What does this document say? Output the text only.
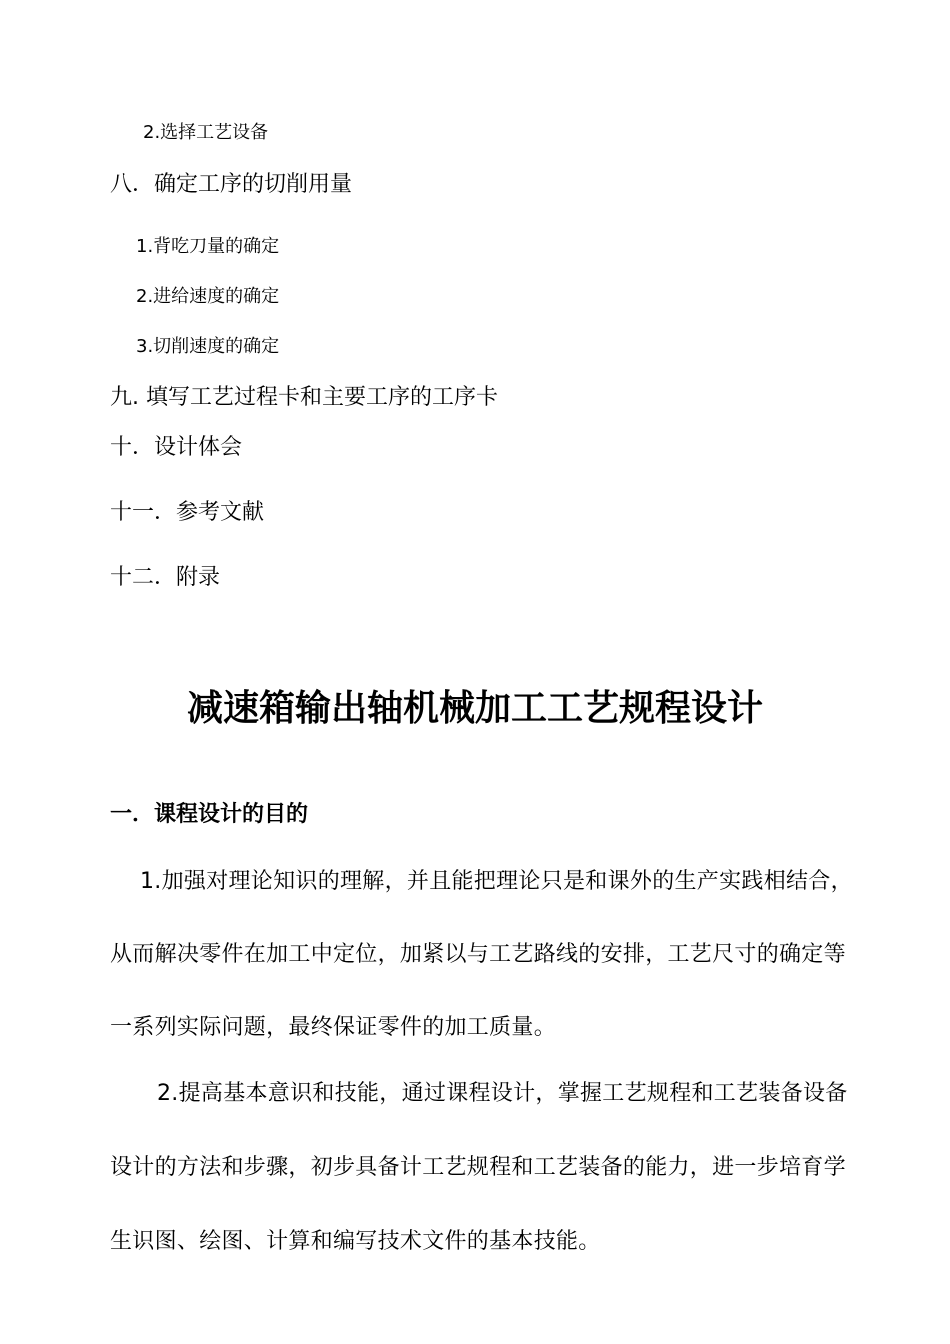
2.选择工艺设备

八．确定工序的切削用量

1.背吃刀量的确定

2.进给速度的确定

3.切削速度的确定

九. 填写工艺过程卡和主要工序的工序卡

十．设计体会

十一．参考文献

十二．附录

减速箱输出轴机械加工工艺规程设计
一．课程设计的目的

1.加强对理论知识的理解，并且能把理论只是和课外的生产实践相结合，

从而解决零件在加工中定位，加紧以与工艺路线的安排，工艺尺寸的确定等

一系列实际问题，最终保证零件的加工质量。

2.提高基本意识和技能，通过课程设计，掌握工艺规程和工艺装备设备

设计的方法和步骤，初步具备计工艺规程和工艺装备的能力，进一步培育学

生识图、绘图、计算和编写技术文件的基本技能。
